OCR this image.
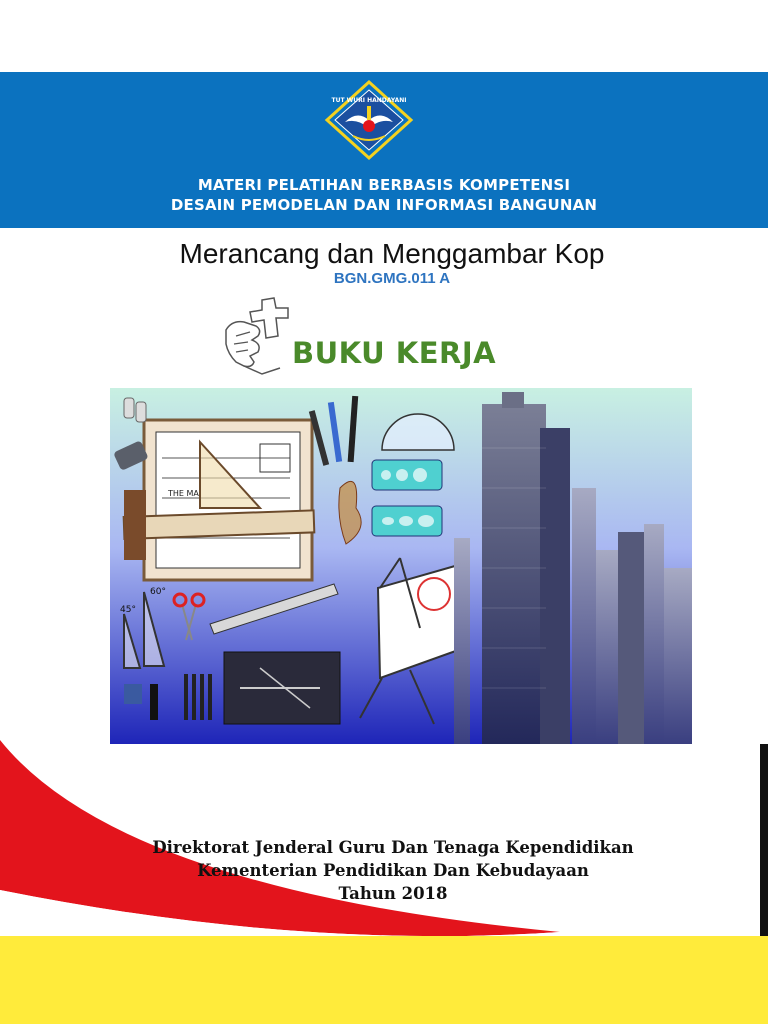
TUT WURI HANDAYANI
MATERI PELATIHAN BERBASIS KOMPETENSI
DESAIN PEMODELAN DAN INFORMASI BANGUNAN
Merancang dan Menggambar Kop
BGN.GMG.011 A
BUKU KERJA
THE MA
45°
60°
Direktorat Jenderal Guru Dan Tenaga Kependidikan
Kementerian Pendidikan Dan Kebudayaan
Tahun 2018
